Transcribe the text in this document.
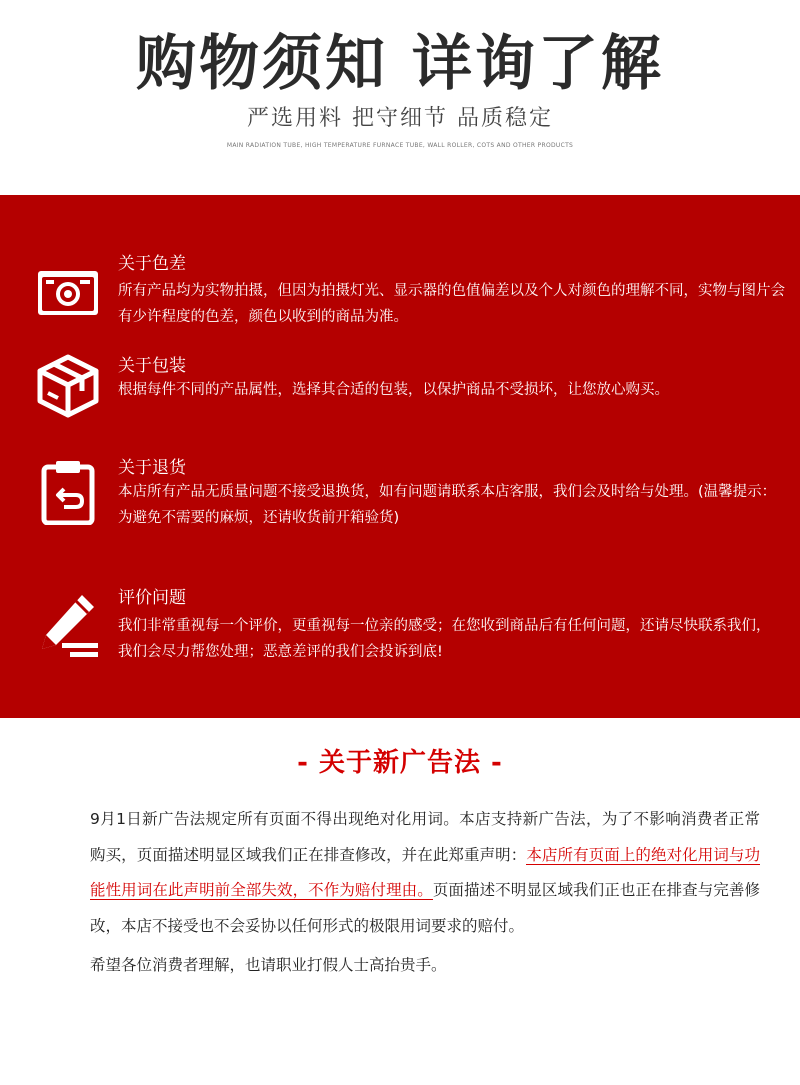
购物须知 详询了解
严选用料 把守细节 品质稳定
MAIN RADIATION TUBE, HIGH TEMPERATURE FURNACE TUBE, WALL ROLLER, COTS AND OTHER PRODUCTS
关于色差
所有产品均为实物拍摄，但因为拍摄灯光、显示器的色值偏差以及个人对颜色的理解不同，实物与图片会有少许程度的色差，颜色以收到的商品为准。
关于包装
根据每件不同的产品属性，选择其合适的包装，以保护商品不受损坏，让您放心购买。
关于退货
本店所有产品无质量问题不接受退换货，如有问题请联系本店客服，我们会及时给与处理。(温馨提示：为避免不需要的麻烦，还请收货前开箱验货)
评价问题
我们非常重视每一个评价，更重视每一位亲的感受；在您收到商品后有任何问题，还请尽快联系我们，我们会尽力帮您处理；恶意差评的我们会投诉到底!
- 关于新广告法 -

9月1日新广告法规定所有页面不得出现绝对化用词。本店支持新广告法，为了不影响消费者正常购买，页面描述明显区域我们正在排查修改，并在此郑重声明：本店所有页面上的绝对化用词与功能性用词在此声明前全部失效，不作为赔付理由。页面描述不明显区域我们正也正在排查与完善修改，本店不接受也不会妥协以任何形式的极限用词要求的赔付。

希望各位消费者理解，也请职业打假人士高抬贵手。
